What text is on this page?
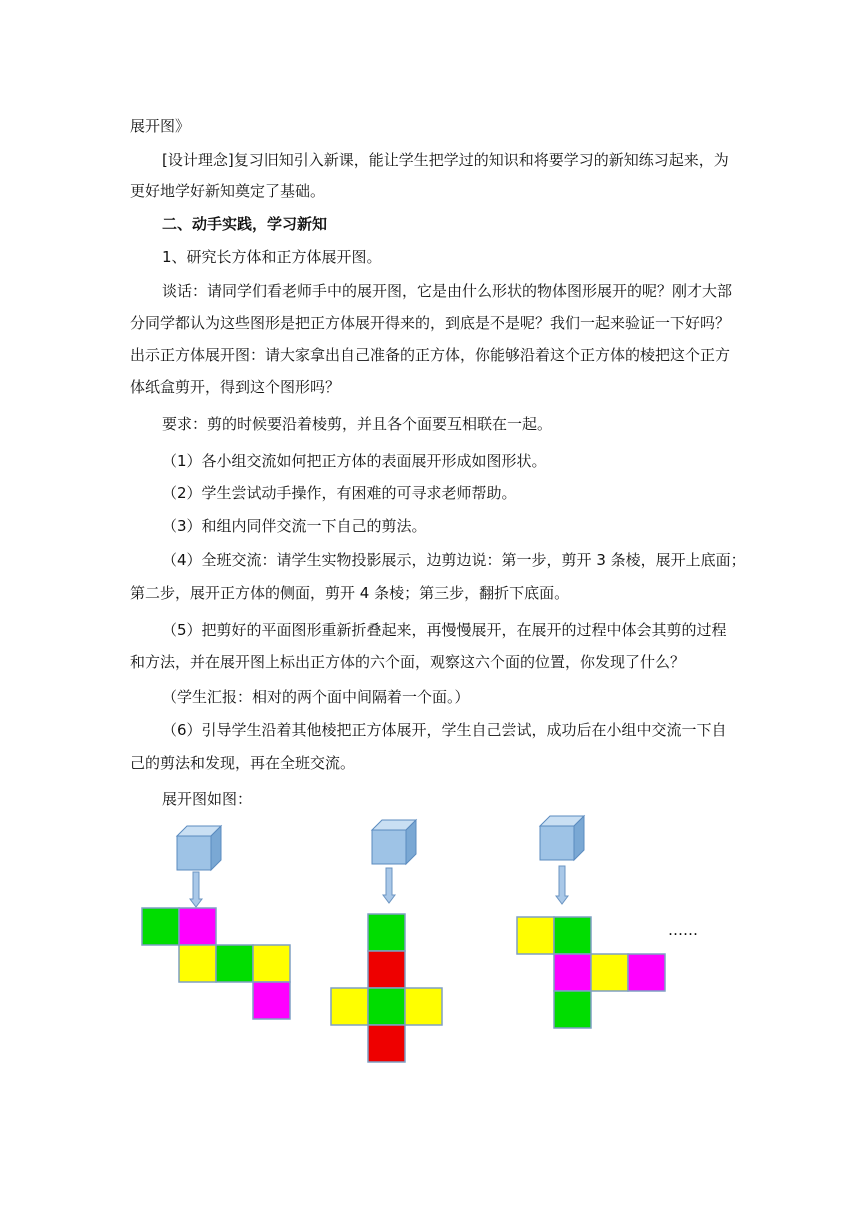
展开图》
[设计理念]复习旧知引入新课，能让学生把学过的知识和将要学习的新知练习起来，为
更好地学好新知奠定了基础。
二、动手实践，学习新知
1、研究长方体和正方体展开图。
谈话：请同学们看老师手中的展开图，它是由什么形状的物体图形展开的呢？刚才大部
分同学都认为这些图形是把正方体展开得来的，到底是不是呢？我们一起来验证一下好吗？
出示正方体展开图：请大家拿出自己准备的正方体，你能够沿着这个正方体的棱把这个正方
体纸盒剪开，得到这个图形吗？
要求：剪的时候要沿着棱剪，并且各个面要互相联在一起。
（1）各小组交流如何把正方体的表面展开形成如图形状。
（2）学生尝试动手操作，有困难的可寻求老师帮助。
（3）和组内同伴交流一下自己的剪法。
（4）全班交流：请学生实物投影展示，边剪边说：第一步，剪开 3 条棱，展开上底面；
第二步，展开正方体的侧面，剪开 4 条棱；第三步，翻折下底面。
（5）把剪好的平面图形重新折叠起来，再慢慢展开，在展开的过程中体会其剪的过程
和方法，并在展开图上标出正方体的六个面，观察这六个面的位置，你发现了什么？
（学生汇报：相对的两个面中间隔着一个面。）
（6）引导学生沿着其他棱把正方体展开，学生自己尝试，成功后在小组中交流一下自
己的剪法和发现，再在全班交流。
展开图如图：
……
